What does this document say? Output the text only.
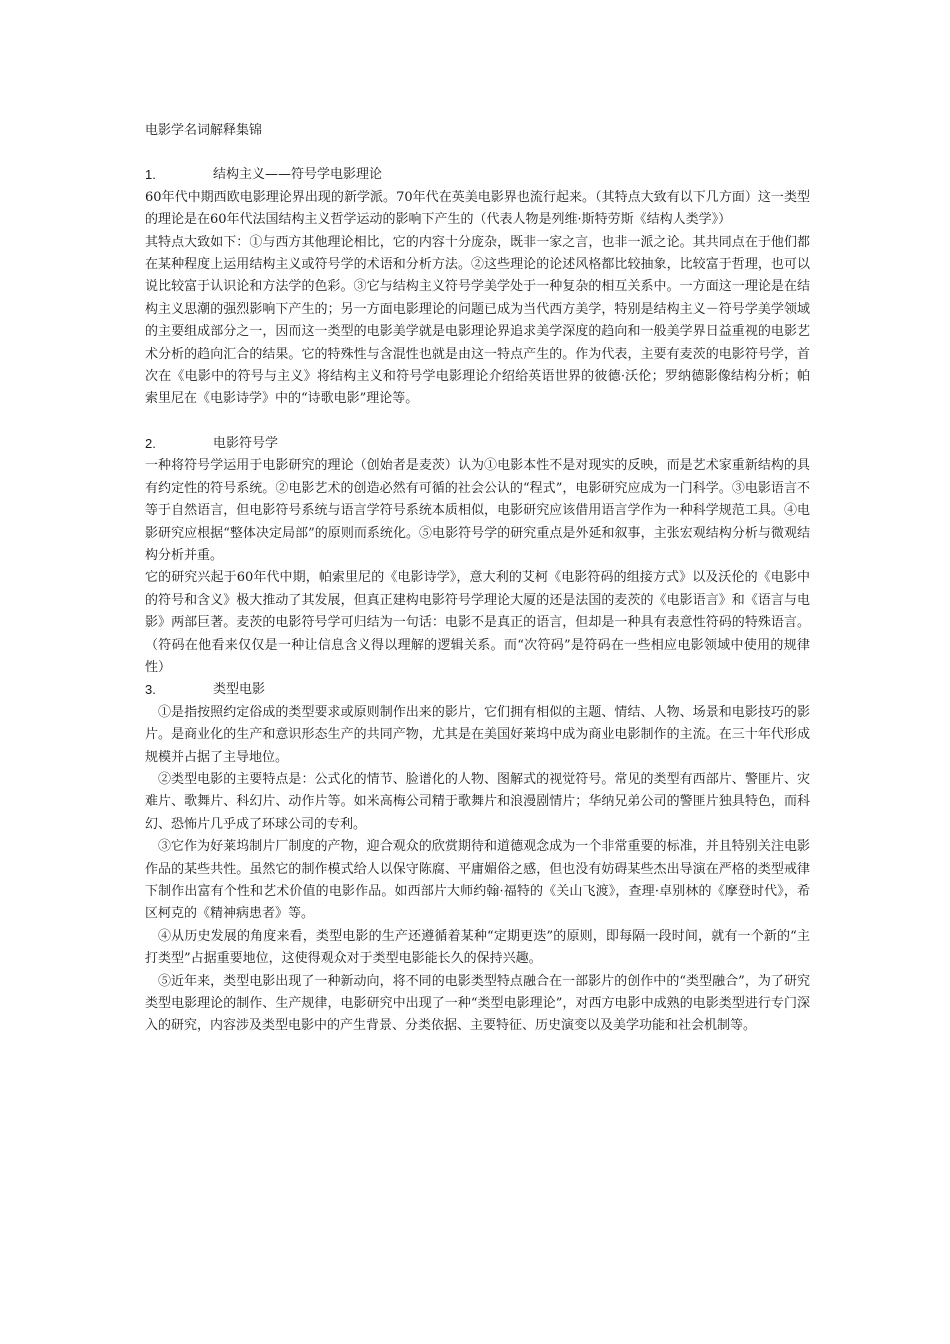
电影学名词解释集锦
1.	结构主义——符号学电影理论

60年代中期西欧电影理论界出现的新学派。70年代在英美电影界也流行起来。（其特点大致有以下几方面）这一类型的理论是在60年代法国结构主义哲学运动的影响下产生的（代表人物是列维·斯特劳斯《结构人类学》）

其特点大致如下：①与西方其他理论相比，它的内容十分庞杂，既非一家之言，也非一派之论。其共同点在于他们都在某种程度上运用结构主义或符号学的术语和分析方法。②这些理论的论述风格都比较抽象，比较富于哲理，也可以说比较富于认识论和方法学的色彩。③它与结构主义符号学美学处于一种复杂的相互关系中。一方面这一理论是在结构主义思潮的强烈影响下产生的；另一方面电影理论的问题已成为当代西方美学，特别是结构主义－符号学美学领域的主要组成部分之一，因而这一类型的电影美学就是电影理论界追求美学深度的趋向和一般美学界日益重视的电影艺术分析的趋向汇合的结果。它的特殊性与含混性也就是由这一特点产生的。作为代表，主要有麦茨的电影符号学，首次在《电影中的符号与主义》将结构主义和符号学电影理论介绍给英语世界的彼德·沃伦；罗纳德影像结构分析；帕索里尼在《电影诗学》中的“诗歌电影”理论等。

2.	电影符号学

一种将符号学运用于电影研究的理论（创始者是麦茨）认为①电影本性不是对现实的反映，而是艺术家重新结构的具有约定性的符号系统。②电影艺术的创造必然有可循的社会公认的“程式”，电影研究应成为一门科学。③电影语言不等于自然语言，但电影符号系统与语言学符号系统本质相似，电影研究应该借用语言学作为一种科学规范工具。④电影研究应根据“整体决定局部”的原则而系统化。⑤电影符号学的研究重点是外延和叙事，主张宏观结构分析与微观结构分析并重。

它的研究兴起于60年代中期，帕索里尼的《电影诗学》，意大利的艾柯《电影符码的组接方式》以及沃伦的《电影中的符号和含义》极大推动了其发展，但真正建构电影符号学理论大厦的还是法国的麦茨的《电影语言》和《语言与电影》两部巨著。麦茨的电影符号学可归结为一句话：电影不是真正的语言，但却是一种具有表意性符码的特殊语言。（符码在他看来仅仅是一种让信息含义得以理解的逻辑关系。而“次符码”是符码在一些相应电影领域中使用的规律性）

3.	类型电影

①是指按照约定俗成的类型要求或原则制作出来的影片，它们拥有相似的主题、情结、人物、场景和电影技巧的影片。是商业化的生产和意识形态生产的共同产物，尤其是在美国好莱坞中成为商业电影制作的主流。在三十年代形成规模并占据了主导地位。

②类型电影的主要特点是：公式化的情节、脸谱化的人物、图解式的视觉符号。常见的类型有西部片、警匪片、灾难片、歌舞片、科幻片、动作片等。如米高梅公司精于歌舞片和浪漫剧情片；华纳兄弟公司的警匪片独具特色，而科幻、恐怖片几乎成了环球公司的专利。

③它作为好莱坞制片厂制度的产物，迎合观众的欣赏期待和道德观念成为一个非常重要的标准，并且特别关注电影作品的某些共性。虽然它的制作模式给人以保守陈腐、平庸媚俗之感，但也没有妨碍某些杰出导演在严格的类型戒律下制作出富有个性和艺术价值的电影作品。如西部片大师约翰·福特的《关山飞渡》，查理·卓别林的《摩登时代》，希区柯克的《精神病患者》等。

④从历史发展的角度来看，类型电影的生产还遵循着某种“定期更迭”的原则，即每隔一段时间，就有一个新的“主打类型”占据重要地位，这使得观众对于类型电影能长久的保持兴趣。

⑤近年来，类型电影出现了一种新动向，将不同的电影类型特点融合在一部影片的创作中的“类型融合”，为了研究类型电影理论的制作、生产规律，电影研究中出现了一种“类型电影理论”，对西方电影中成熟的电影类型进行专门深入的研究，内容涉及类型电影中的产生背景、分类依据、主要特征、历史演变以及美学功能和社会机制等。
